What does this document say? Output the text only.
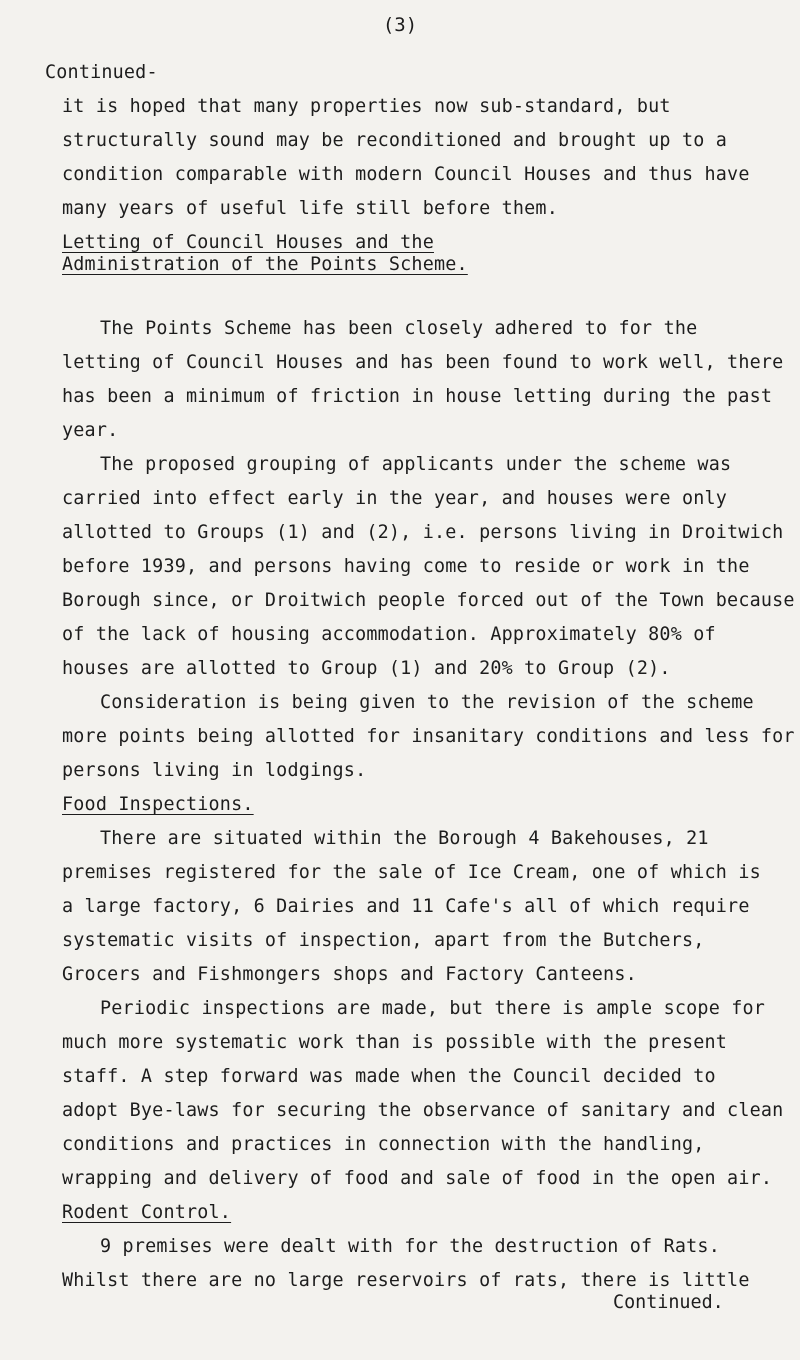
(3)
Continued-
it is hoped that many properties now sub-standard, but
structurally sound may be reconditioned and brought up to a
condition comparable with modern Council Houses and thus have
many years of useful life still before them.
Letting of Council Houses and the
Administration of the Points Scheme.
The Points Scheme has been closely adhered to for the
letting of Council Houses and has been found to work well, there
has been a minimum of friction in house letting during the past
year.
The proposed grouping of applicants under the scheme was
carried into effect early in the year, and houses were only
allotted to Groups (1) and (2), i.e. persons living in Droitwich
before 1939, and persons having come to reside or work in the
Borough since, or Droitwich people forced out of the Town because
of the lack of housing accommodation. Approximately 80% of
houses are allotted to Group (1) and 20% to Group (2).
Consideration is being given to the revision of the scheme
more points being allotted for insanitary conditions and less for
persons living in lodgings.
Food Inspections.
There are situated within the Borough 4 Bakehouses, 21
premises registered for the sale of Ice Cream, one of which is
a large factory, 6 Dairies and 11 Cafe's all of which require
systematic visits of inspection, apart from the Butchers,
Grocers and Fishmongers shops and Factory Canteens.
Periodic inspections are made, but there is ample scope for
much more systematic work than is possible with the present
staff. A step forward was made when the Council decided to
adopt Bye-laws for securing the observance of sanitary and clean
conditions and practices in connection with the handling,
wrapping and delivery of food and sale of food in the open air.
Rodent Control.
9 premises were dealt with for the destruction of Rats.
Whilst there are no large reservoirs of rats, there is little
Continued.
